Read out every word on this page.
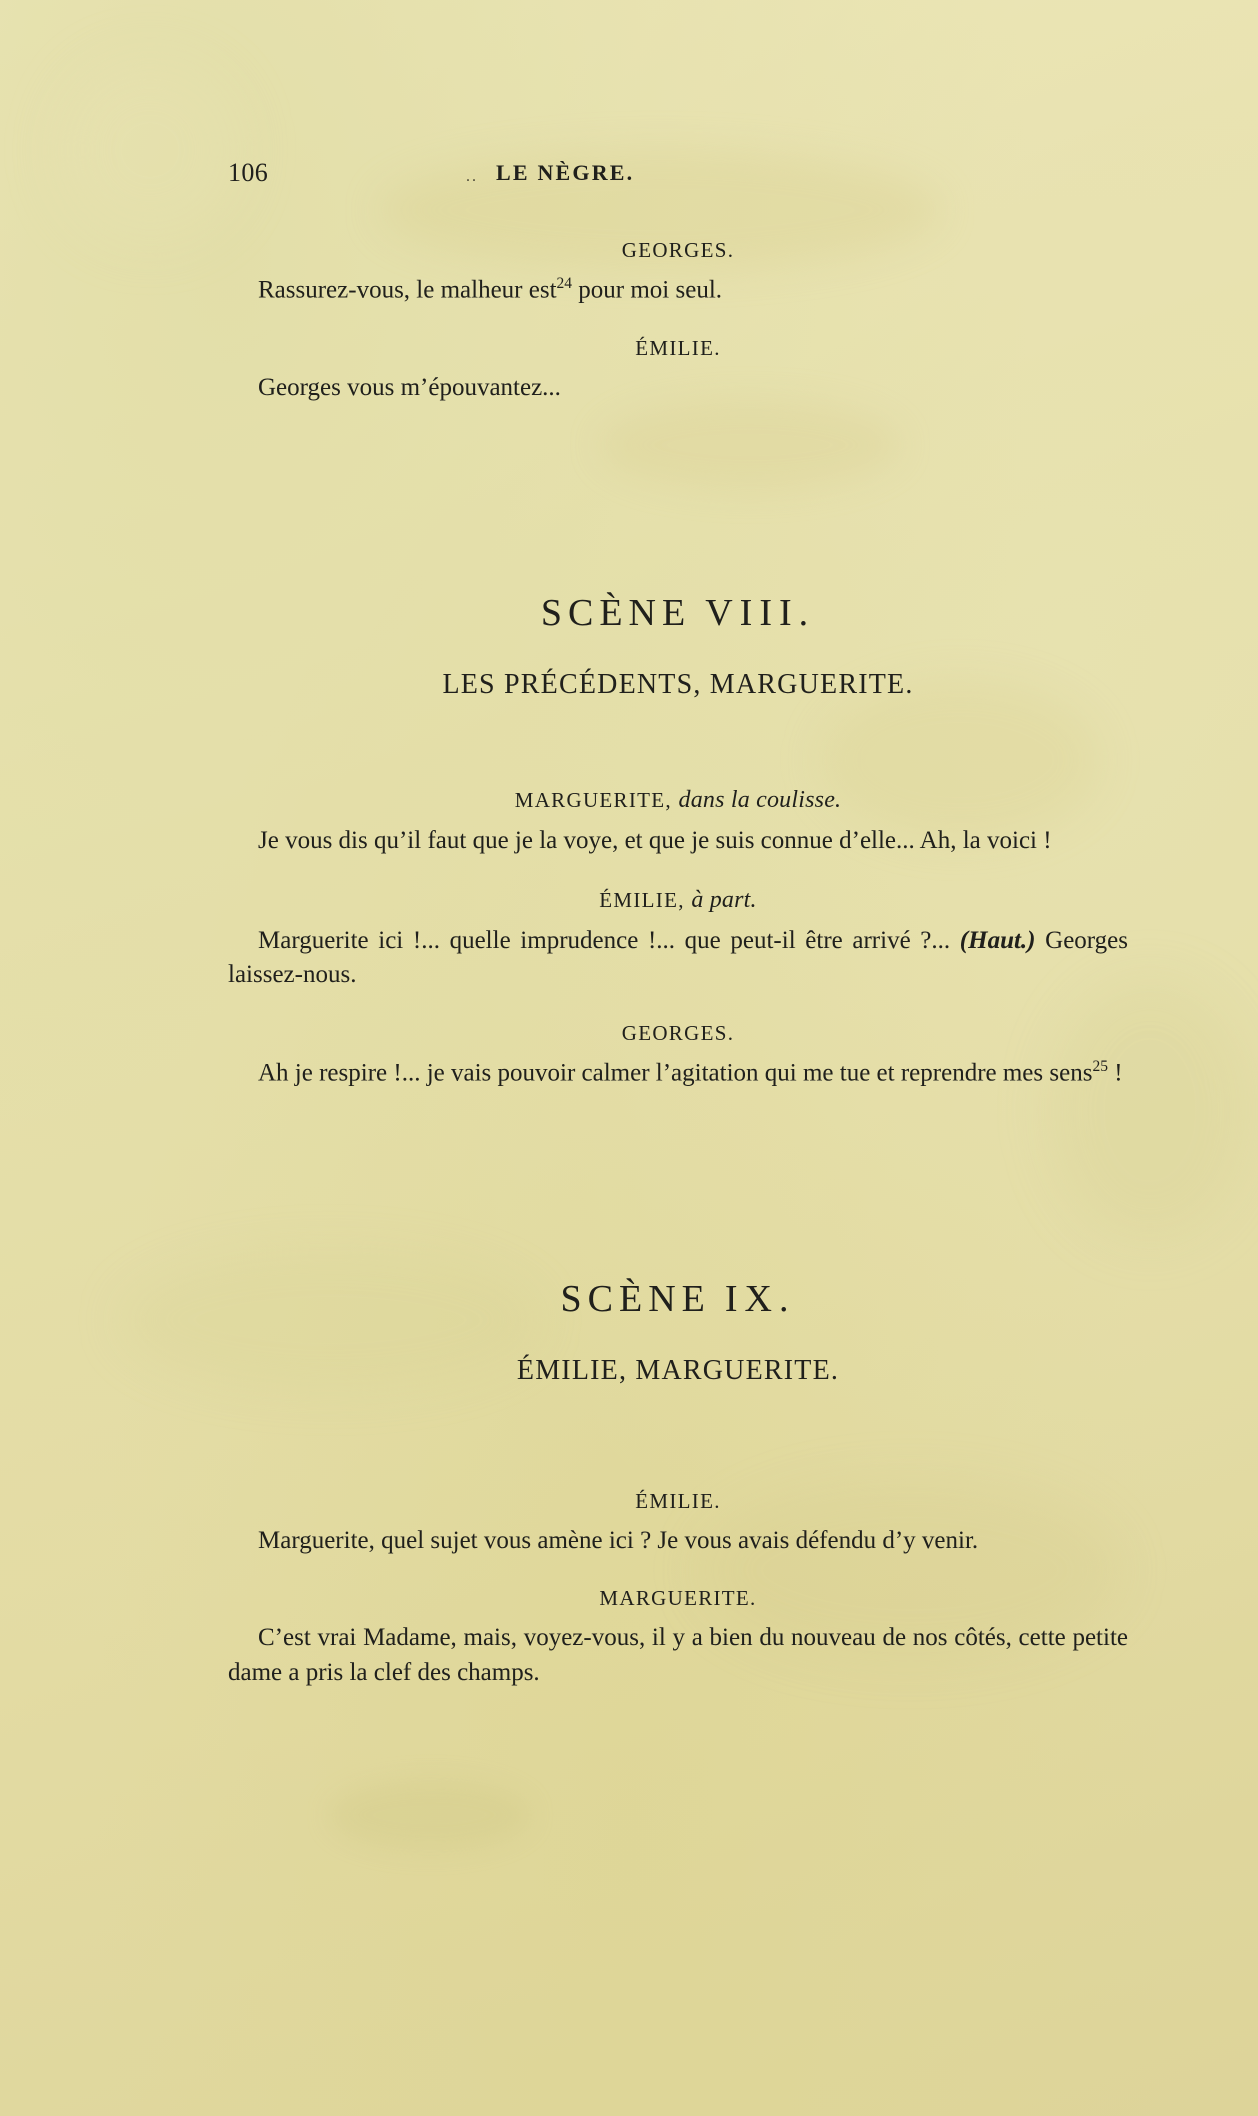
106	.. LE NÈGRE.
GEORGES.

Rassurez-vous, le malheur est$^{24}$ pour moi seul.

ÉMILIE.

Georges vous m’épouvantez...

SCÈNE VIII.
LES PRÉCÉDENTS, MARGUERITE.
MARGUERITE, dans la coulisse.

Je vous dis qu’il faut que je la voye, et que je suis connue d’elle... Ah, la voici !

ÉMILIE, à part.

Marguerite ici !... quelle imprudence !... que peut-il être arrivé ?... (Haut.) Georges laissez-nous.

GEORGES.

Ah je respire !... je vais pouvoir calmer l’agitation qui me tue et reprendre mes sens$^{25}$ !

SCÈNE IX.
ÉMILIE, MARGUERITE.
ÉMILIE.

Marguerite, quel sujet vous amène ici ? Je vous avais défendu d’y venir.

MARGUERITE.

C’est vrai Madame, mais, voyez-vous, il y a bien du nouveau de nos côtés, cette petite dame a pris la clef des champs.
